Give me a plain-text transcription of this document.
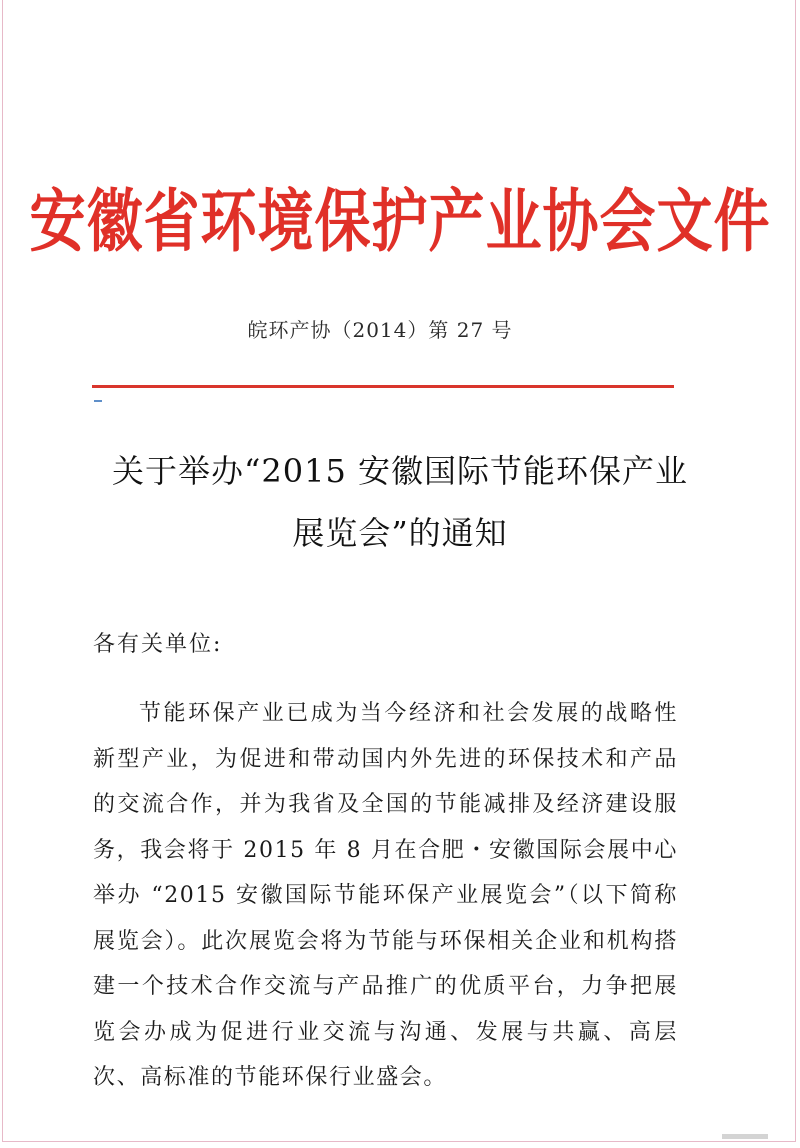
安徽省环境保护产业协会文件
皖环产协（2014）第 27 号
关于举办“2015 安徽国际节能环保产业
展览会”的通知
各有关单位:
节能环保产业已成为当今经济和社会发展的战略性新型产业，为促进和带动国内外先进的环保技术和产品的交流合作，并为我省及全国的节能减排及经济建设服务，我会将于 2015 年 8 月在合肥・安徽国际会展中心举办 “2015 安徽国际节能环保产业展览会”（以下简称展览会）。此次展览会将为节能与环保相关企业和机构搭建一个技术合作交流与产品推广的优质平台，力争把展览会办成为促进行业交流与沟通、发展与共赢、高层次、高标准的节能环保行业盛会。
